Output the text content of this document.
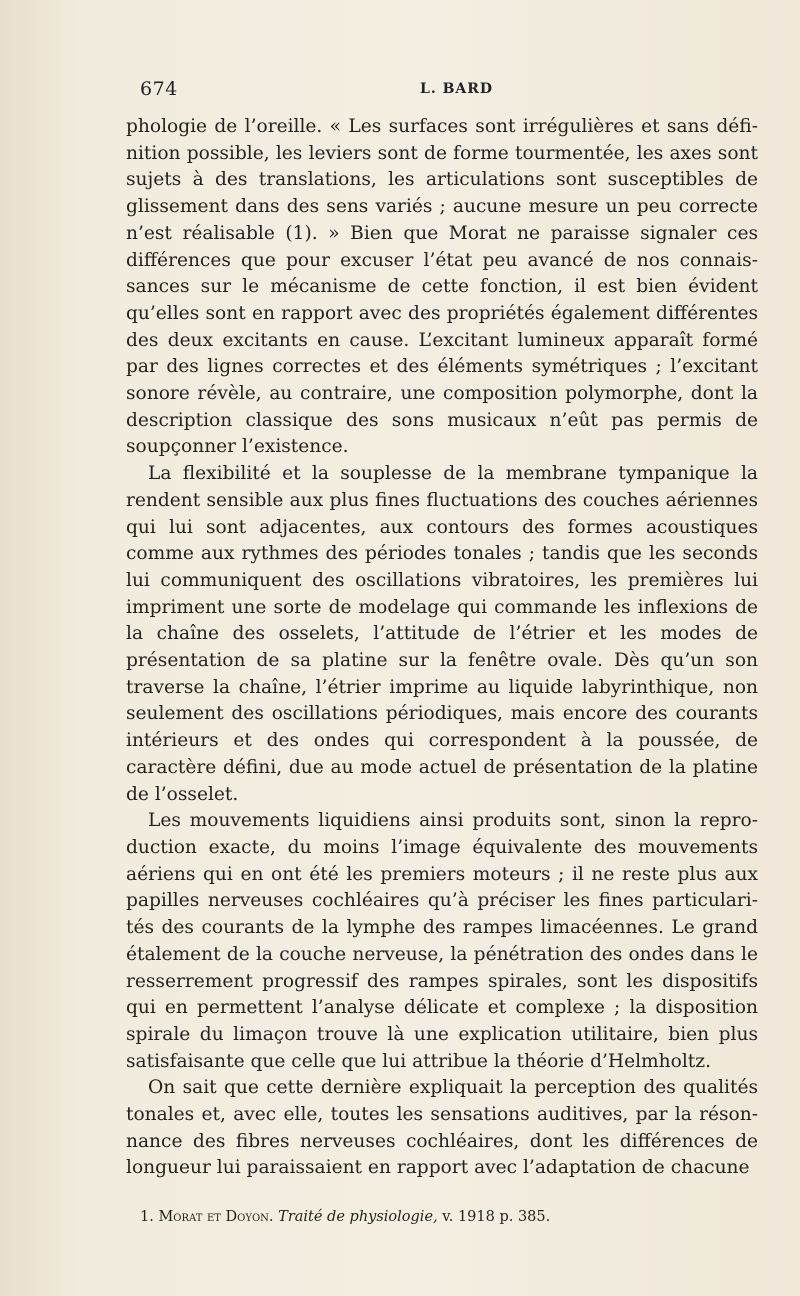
674	L. BARD

phologie de l’oreille. « Les surfaces sont irrégulières et sans définition possible, les leviers sont de forme tourmentée, les axes sont sujets à des translations, les articulations sont susceptibles de glissement dans des sens variés ; aucune mesure un peu correcte n’est réalisable (1). » Bien que Morat ne paraisse signaler ces différences que pour excuser l’état peu avancé de nos connaissances sur le mécanisme de cette fonction, il est bien évident qu’elles sont en rapport avec des propriétés également différentes des deux excitants en cause. L’excitant lumineux apparaît formé par des lignes correctes et des éléments symétriques ; l’excitant sonore révèle, au contraire, une composition polymorphe, dont la description classique des sons musicaux n’eût pas permis de soupçonner l’existence.

La flexibilité et la souplesse de la membrane tympanique la rendent sensible aux plus fines fluctuations des couches aériennes qui lui sont adjacentes, aux contours des formes acoustiques comme aux rythmes des périodes tonales ; tandis que les seconds lui communiquent des oscillations vibratoires, les premières lui impriment une sorte de modelage qui commande les inflexions de la chaîne des osselets, l’attitude de l’étrier et les modes de présentation de sa platine sur la fenêtre ovale. Dès qu’un son traverse la chaîne, l’étrier imprime au liquide labyrinthique, non seulement des oscillations périodiques, mais encore des courants intérieurs et des ondes qui correspondent à la poussée, de caractère défini, due au mode actuel de présentation de la platine de l’osselet.

Les mouvements liquidiens ainsi produits sont, sinon la reproduction exacte, du moins l’image équivalente des mouvements aériens qui en ont été les premiers moteurs ; il ne reste plus aux papilles nerveuses cochléaires qu’à préciser les fines particularités des courants de la lymphe des rampes limacéennes. Le grand étalement de la couche nerveuse, la pénétration des ondes dans le resserrement progressif des rampes spirales, sont les dispositifs qui en permettent l’analyse délicate et complexe ; la disposition spirale du limaçon trouve là une explication utilitaire, bien plus satisfaisante que celle que lui attribue la théorie d’Helmholtz.

On sait que cette dernière expliquait la perception des qualités tonales et, avec elle, toutes les sensations auditives, par la résonnance des fibres nerveuses cochléaires, dont les différences de longueur lui paraissaient en rapport avec l’adaptation de chacune

1. Morat et Doyon. Traité de physiologie, v. 1918 p. 385.
